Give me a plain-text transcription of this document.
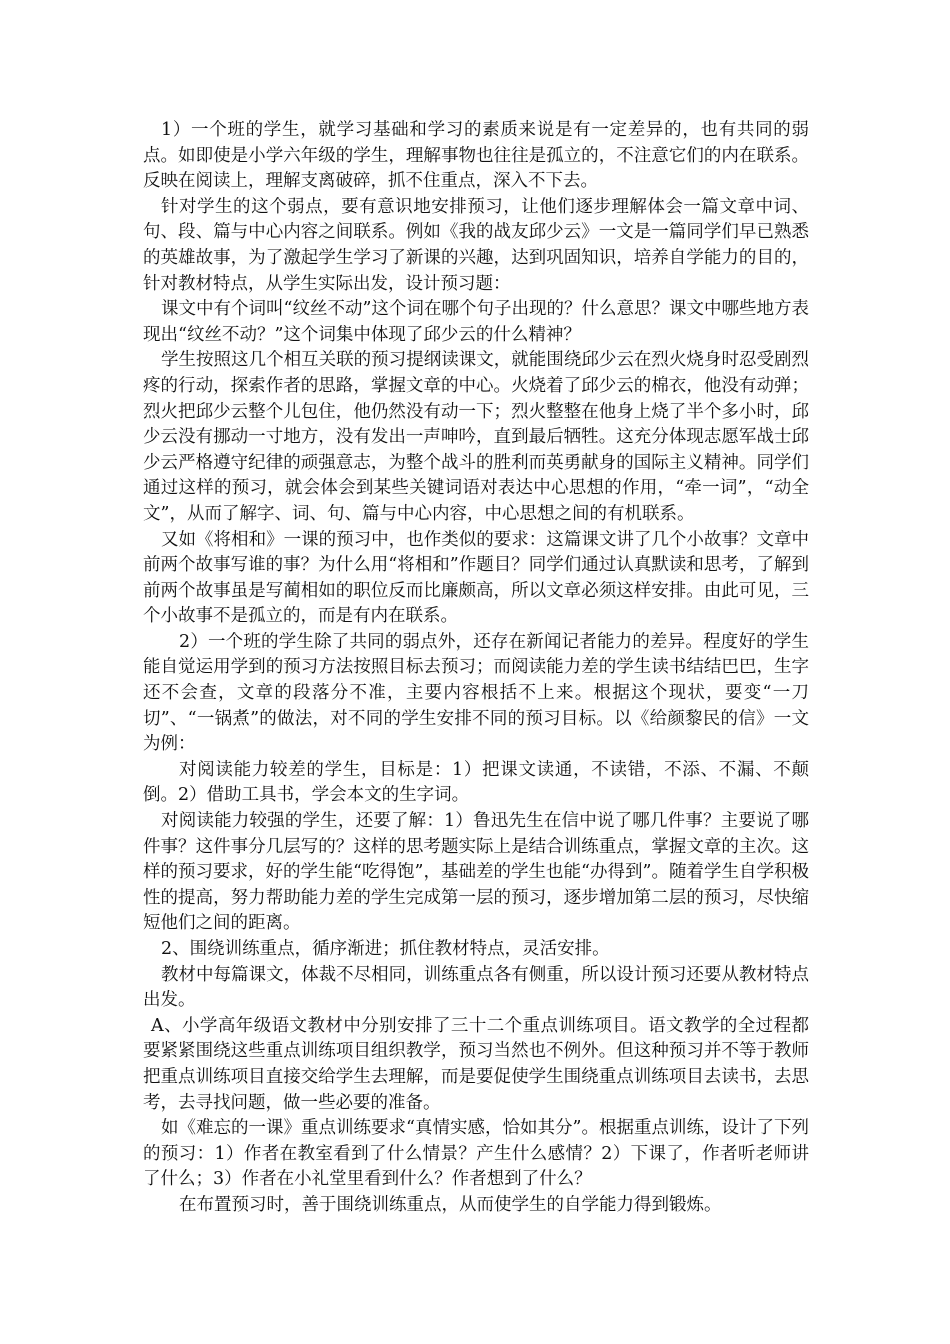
1）一个班的学生，就学习基础和学习的素质来说是有一定差异的，也有共同的弱点。如即使是小学六年级的学生，理解事物也往往是孤立的，不注意它们的内在联系。反映在阅读上，理解支离破碎，抓不住重点，深入不下去。

针对学生的这个弱点，要有意识地安排预习，让他们逐步理解体会一篇文章中词、句、段、篇与中心内容之间联系。例如《我的战友邱少云》一文是一篇同学们早已熟悉的英雄故事，为了激起学生学习了新课的兴趣，达到巩固知识，培养自学能力的目的，针对教材特点，从学生实际出发，设计预习题：

课文中有个词叫“纹丝不动”这个词在哪个句子出现的？什么意思？课文中哪些地方表现出“纹丝不动？”这个词集中体现了邱少云的什么精神？

学生按照这几个相互关联的预习提纲读课文，就能围绕邱少云在烈火烧身时忍受剧烈疼的行动，探索作者的思路，掌握文章的中心。火烧着了邱少云的棉衣，他没有动弹；烈火把邱少云整个儿包住，他仍然没有动一下；烈火整整在他身上烧了半个多小时，邱少云没有挪动一寸地方，没有发出一声呻吟，直到最后牺牲。这充分体现志愿军战士邱少云严格遵守纪律的顽强意志，为整个战斗的胜利而英勇献身的国际主义精神。同学们通过这样的预习，就会体会到某些关键词语对表达中心思想的作用，“牵一词”，“动全文”，从而了解字、词、句、篇与中心内容，中心思想之间的有机联系。

又如《将相和》一课的预习中，也作类似的要求：这篇课文讲了几个小故事？文章中前两个故事写谁的事？为什么用“将相和”作题目？同学们通过认真默读和思考，了解到前两个故事虽是写蔺相如的职位反而比廉颇高，所以文章必须这样安排。由此可见，三个小故事不是孤立的，而是有内在联系。

2）一个班的学生除了共同的弱点外，还存在新闻记者能力的差异。程度好的学生能自觉运用学到的预习方法按照目标去预习；而阅读能力差的学生读书结结巴巴，生字还不会查，文章的段落分不准，主要内容根括不上来。根据这个现状，要变“一刀切”、“一锅煮”的做法，对不同的学生安排不同的预习目标。以《给颜黎民的信》一文为例：

对阅读能力较差的学生，目标是：1）把课文读通，不读错，不添、不漏、不颠倒。2）借助工具书，学会本文的生字词。

对阅读能力较强的学生，还要了解：1）鲁迅先生在信中说了哪几件事？主要说了哪件事？这件事分几层写的？这样的思考题实际上是结合训练重点，掌握文章的主次。这样的预习要求，好的学生能“吃得饱”，基础差的学生也能“办得到”。随着学生自学积极性的提高，努力帮助能力差的学生完成第一层的预习，逐步增加第二层的预习，尽快缩短他们之间的距离。

2、围绕训练重点，循序渐进；抓住教材特点，灵活安排。

教材中每篇课文，体裁不尽相同，训练重点各有侧重，所以设计预习还要从教材特点出发。

A、小学高年级语文教材中分别安排了三十二个重点训练项目。语文教学的全过程都要紧紧围绕这些重点训练项目组织教学，预习当然也不例外。但这种预习并不等于教师把重点训练项目直接交给学生去理解，而是要促使学生围绕重点训练项目去读书，去思考，去寻找问题，做一些必要的准备。

如《难忘的一课》重点训练要求“真情实感，恰如其分”。根据重点训练，设计了下列的预习：1）作者在教室看到了什么情景？产生什么感情？2）下课了，作者听老师讲了什么；3）作者在小礼堂里看到什么？作者想到了什么？

在布置预习时，善于围绕训练重点，从而使学生的自学能力得到锻炼。
